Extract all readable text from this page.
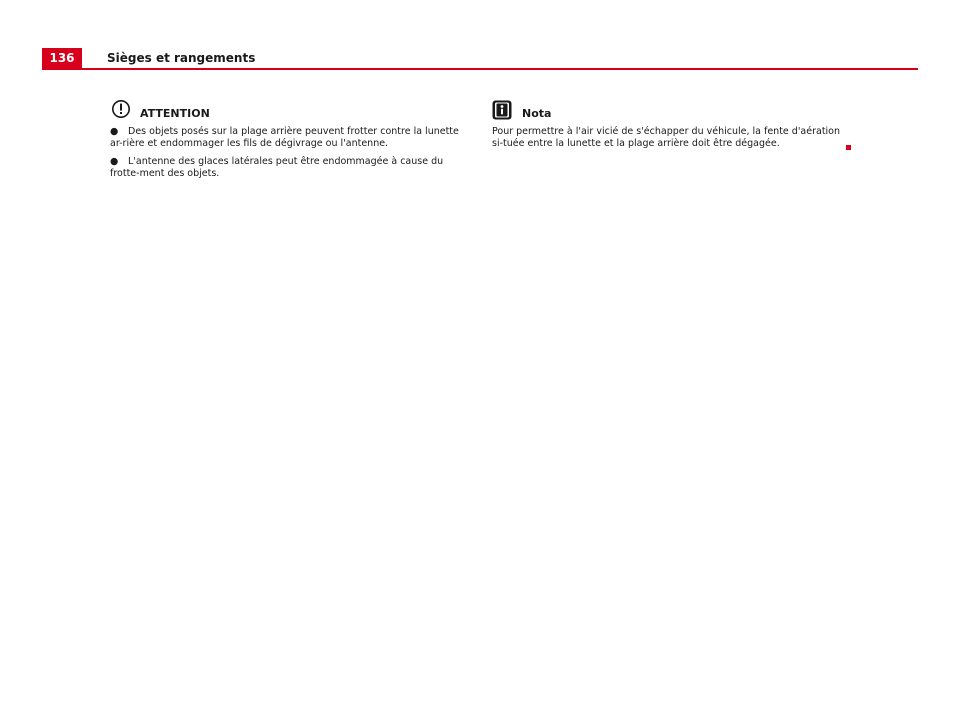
136	Sièges et rangements
ATTENTION
● Des objets posés sur la plage arrière peuvent frotter contre la lunette ar-rière et endommager les fils de dégivrage ou l'antenne.
● L'antenne des glaces latérales peut être endommagée à cause du frotte-ment des objets.
Nota

Pour permettre à l'air vicié de s'échapper du véhicule, la fente d'aération si-tuée entre la lunette et la plage arrière doit être dégagée.
